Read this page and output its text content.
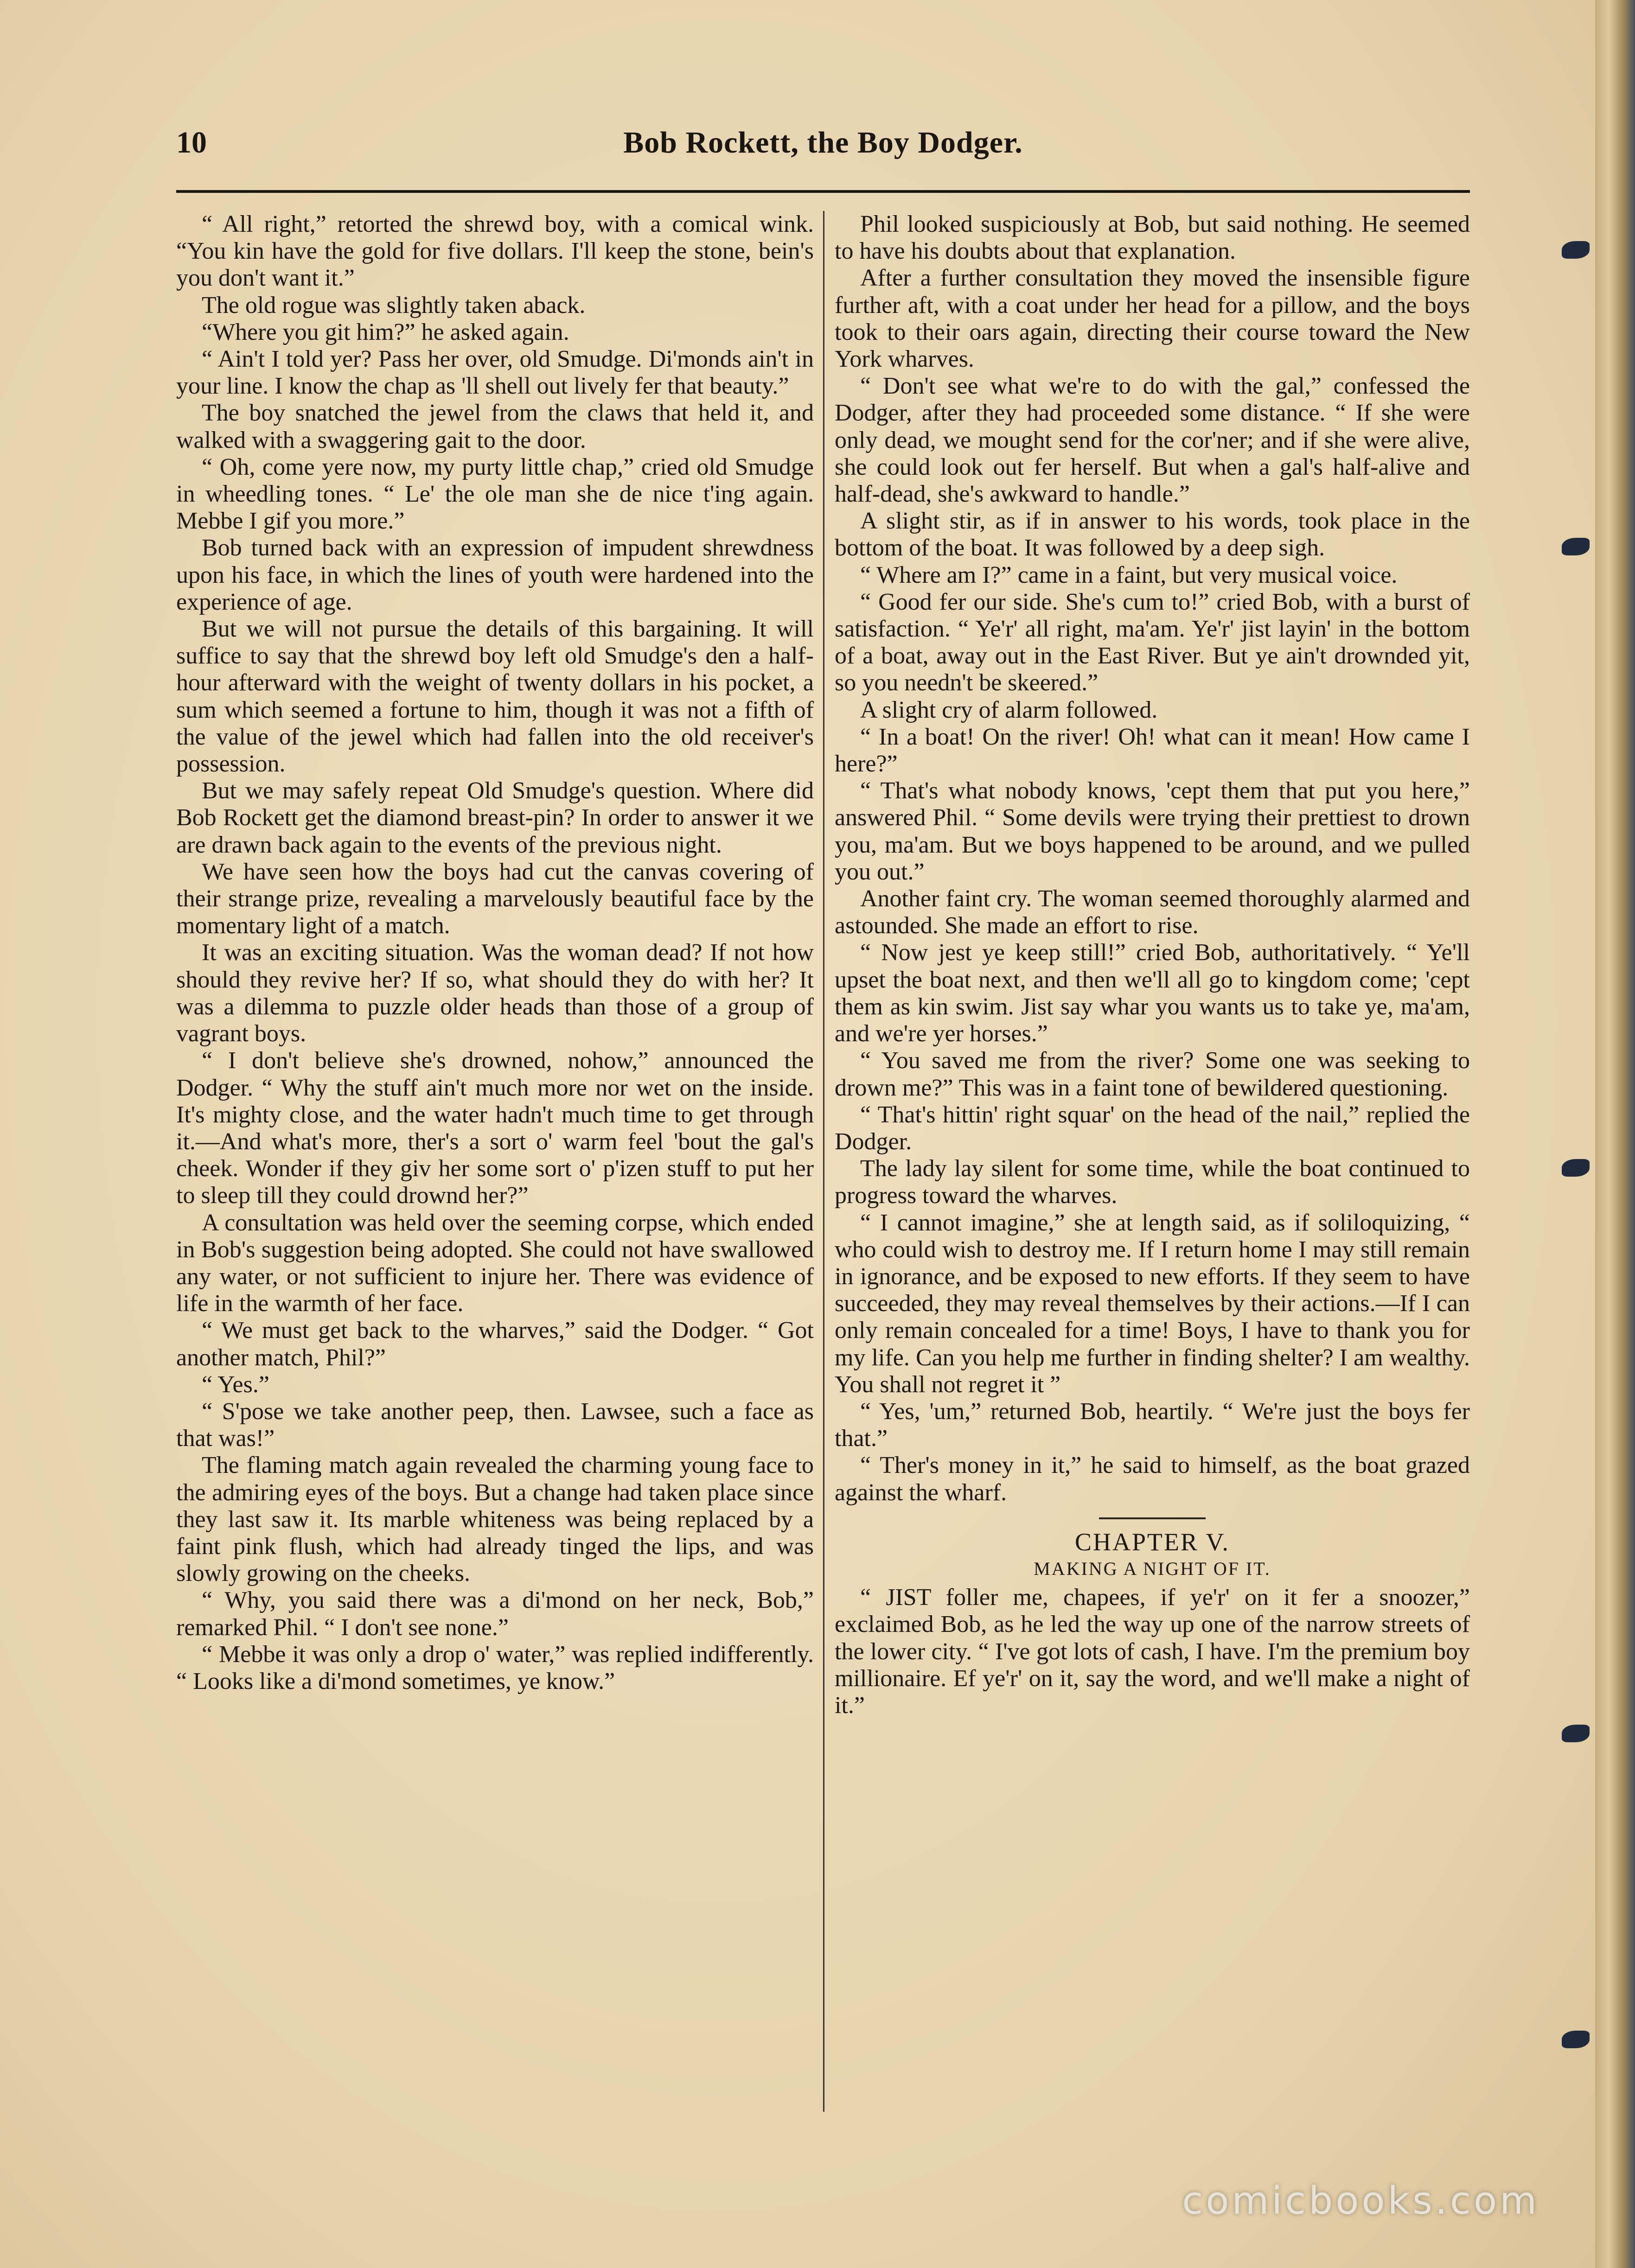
Bob Rockett, the Boy Dodger.
10

“ All right,” retorted the shrewd boy, with a comical wink. “You kin have the gold for five dollars. I'll keep the stone, bein's you don't want it.”

The old rogue was slightly taken aback.

“Where you git him?” he asked again.

“ Ain't I told yer? Pass her over, old Smudge. Di'monds ain't in your line. I know the chap as 'll shell out lively fer that beauty.”

The boy snatched the jewel from the claws that held it, and walked with a swaggering gait to the door.

“ Oh, come yere now, my purty little chap,” cried old Smudge in wheedling tones. “ Le' the ole man she de nice t'ing again. Mebbe I gif you more.”

Bob turned back with an expression of impudent shrewdness upon his face, in which the lines of youth were hardened into the experience of age.

But we will not pursue the details of this bargaining. It will suffice to say that the shrewd boy left old Smudge's den a half-hour afterward with the weight of twenty dollars in his pocket, a sum which seemed a fortune to him, though it was not a fifth of the value of the jewel which had fallen into the old receiver's possession.

But we may safely repeat Old Smudge's question. Where did Bob Rockett get the diamond breast-pin? In order to answer it we are drawn back again to the events of the previous night.

We have seen how the boys had cut the canvas covering of their strange prize, revealing a marvelously beautiful face by the momentary light of a match.

It was an exciting situation. Was the woman dead? If not how should they revive her? If so, what should they do with her? It was a dilemma to puzzle older heads than those of a group of vagrant boys.

“ I don't believe she's drowned, nohow,” announced the Dodger. “ Why the stuff ain't much more nor wet on the inside. It's mighty close, and the water hadn't much time to get through it.—And what's more, ther's a sort o' warm feel 'bout the gal's cheek. Wonder if they giv her some sort o' p'izen stuff to put her to sleep till they could drownd her?”

A consultation was held over the seeming corpse, which ended in Bob's suggestion being adopted. She could not have swallowed any water, or not sufficient to injure her. There was evidence of life in the warmth of her face.

“ We must get back to the wharves,” said the Dodger. “ Got another match, Phil?”

“ Yes.”

“ S'pose we take another peep, then. Lawsee, such a face as that was!”

The flaming match again revealed the charming young face to the admiring eyes of the boys. But a change had taken place since they last saw it. Its marble whiteness was being replaced by a faint pink flush, which had already tinged the lips, and was slowly growing on the cheeks.

“ Why, you said there was a di'mond on her neck, Bob,” remarked Phil. “ I don't see none.”

“ Mebbe it was only a drop o' water,” was replied indifferently. “ Looks like a di'mond sometimes, ye know.”

Phil looked suspiciously at Bob, but said nothing. He seemed to have his doubts about that explanation.

After a further consultation they moved the insensible figure further aft, with a coat under her head for a pillow, and the boys took to their oars again, directing their course toward the New York wharves.

“ Don't see what we're to do with the gal,” confessed the Dodger, after they had proceeded some distance. “ If she were only dead, we mought send for the cor'ner; and if she were alive, she could look out fer herself. But when a gal's half-alive and half-dead, she's awkward to handle.”

A slight stir, as if in answer to his words, took place in the bottom of the boat. It was followed by a deep sigh.

“ Where am I?” came in a faint, but very musical voice.

“ Good fer our side. She's cum to!” cried Bob, with a burst of satisfaction. “ Ye'r' all right, ma'am. Ye'r' jist layin' in the bottom of a boat, away out in the East River. But ye ain't drownded yit, so you needn't be skeered.”

A slight cry of alarm followed.

“ In a boat! On the river! Oh! what can it mean! How came I here?”

“ That's what nobody knows, 'cept them that put you here,” answered Phil. “ Some devils were trying their prettiest to drown you, ma'am. But we boys happened to be around, and we pulled you out.”

Another faint cry. The woman seemed thoroughly alarmed and astounded. She made an effort to rise.

“ Now jest ye keep still!” cried Bob, authoritatively. “ Ye'll upset the boat next, and then we'll all go to kingdom come; 'cept them as kin swim. Jist say whar you wants us to take ye, ma'am, and we're yer horses.”

“ You saved me from the river? Some one was seeking to drown me?” This was in a faint tone of bewildered questioning.

“ That's hittin' right squar' on the head of the nail,” replied the Dodger.

The lady lay silent for some time, while the boat continued to progress toward the wharves.

“ I cannot imagine,” she at length said, as if soliloquizing, “ who could wish to destroy me. If I return home I may still remain in ignorance, and be exposed to new efforts. If they seem to have succeeded, they may reveal themselves by their actions.—If I can only remain concealed for a time! Boys, I have to thank you for my life. Can you help me further in finding shelter? I am wealthy. You shall not regret it ”

“ Yes, 'um,” returned Bob, heartily. “ We're just the boys fer that.”

“ Ther's money in it,” he said to himself, as the boat grazed against the wharf.

CHAPTER V.

MAKING A NIGHT OF IT.

“ JIST foller me, chapees, if ye'r' on it fer a snoozer,” exclaimed Bob, as he led the way up one of the narrow streets of the lower city. “ I've got lots of cash, I have. I'm the premium boy millionaire. Ef ye'r' on it, say the word, and we'll make a night of it.”

comicbooks.com
